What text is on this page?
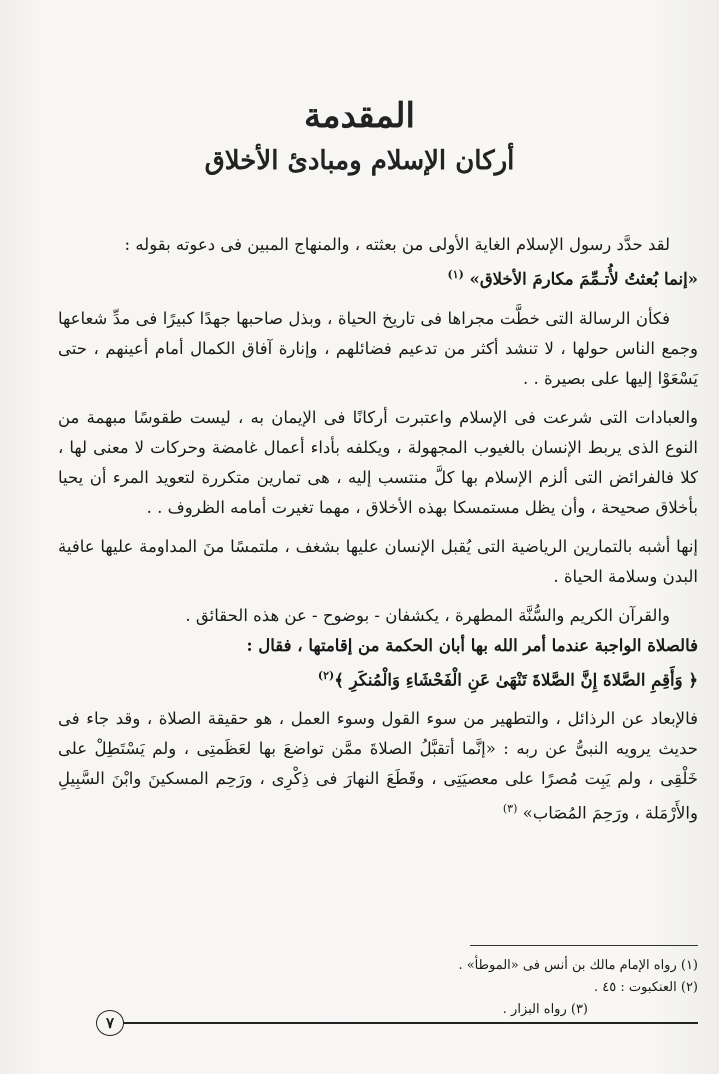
المقدمة
أركان الإسلام ومبادئ الأخلاق

لقد حدَّد رسول الإسلام الغاية الأولى من بعثته ، والمنهاج المبين فى دعوته بقوله :

«إنما بُعثتُ لأُتـمِّمَ مكارمَ الأخلاق» $^{(١)}$

فكأن الرسالة التى خطَّت مجراها فى تاريخ الحياة ، وبذل صاحبها جهدًا كبيرًا فى مدِّ شعاعها وجمع الناس حولها ، لا تنشد أكثر من تدعيم فضائلهم ، وإنارة آفاق الكمال أمام أعينهم ، حتى يَسْعَوْا إليها على بصيرة . .

والعبادات التى شرعت فى الإسلام واعتبرت أركانًا فى الإيمان به ، ليست طقوسًا مبهمة من النوع الذى يربط الإنسان بالغيوب المجهولة ، ويكلفه بأداء أعمال غامضة وحركات لا معنى لها ، كلا فالفرائض التى ألزم الإسلام بها كلَّ منتسب إليه ، هى تمارين متكررة لتعويد المرء أن يحيا بأخلاق صحيحة ، وأن يظل مستمسكا بهذه الأخلاق ، مهما تغيرت أمامه الظروف . .

إنها أشبه بالتمارين الرياضية التى يُقبل الإنسان عليها بشغف ، ملتمسًا منَ المداومة عليها عافية البدن وسلامة الحياة .

والقرآن الكريم والسُّنَّة المطهرة ، يكشفان - بوضوح - عن هذه الحقائق .

فالصلاة الواجبة عندما أمر الله بها أبان الحكمة من إقامتها ، فقال :

﴿ وَأَقِمِ الصَّلاةَ إِنَّ الصَّلاةَ تَنْهَىٰ عَنِ الْفَحْشَاءِ وَالْمُنكَرِ ﴾$^{(٢)}$

فالإبعاد عن الرذائل ، والتطهير من سوء القول وسوء العمل ، هو حقيقة الصلاة ، وقد جاء فى حديث يرويه النبىُّ عن ربه : «إنَّما أتقبَّلُ الصلاةَ ممَّن تواضعَ بها لعَظَمتِى ، ولم يَسْتَطِلْ على خَلْقِى ، ولم يَبِت مُصرًا على معصيَتِى ، وقَطَعَ النهارَ فى ذِكْرِى ، ورَحِم المسكينَ وابْنَ السَّبِيلِ والأَرْمَلة ، ورَحِمَ المُصَاب» $^{(٣)}$

(١) رواه الإمام مالك بن أنس فى «الموطأ» .
(٢) العنكبوت : ٤٥ .
(٣) رواه البزار .
٧
